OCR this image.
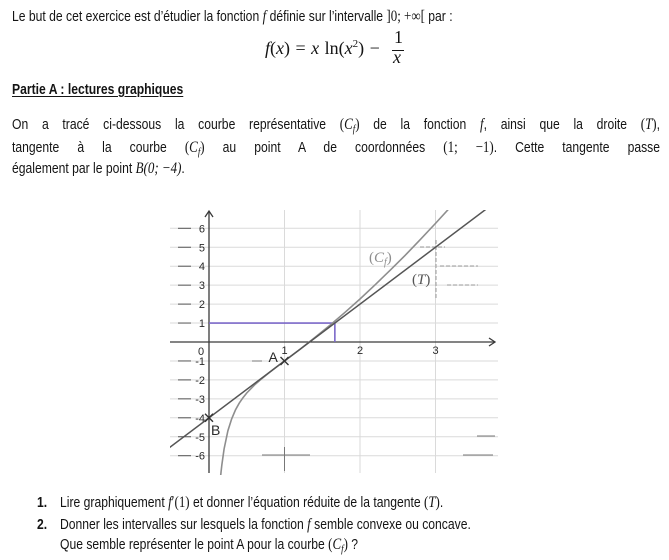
Le but de cet exercice est d’étudier la fonction f définie sur l’intervalle ]0; +∞[ par :
f(x) = x $\ln(x^2)$ −
1
x
Partie A : lectures graphiques
On a tracé ci-dessous la courbe représentative $(C_f)$ de la fonction f, ainsi que la droite (T),
tangente à la courbe $(C_f)$ au point A de coordonnées (1; −1). Cette tangente passe
également par le point B(0; −4).
6
5
4
3
2
1
-1
-2
-3
-4
-5
-6
0	1	2	3
A
B
$(C_f)$
(T)
1. Lire graphiquement f′(1) et donner l’équation réduite de la tangente (T).
2. Donner les intervalles sur lesquels la fonction f semble convexe ou concave.
Que semble représenter le point A pour la courbe $(C_f)$ ?
